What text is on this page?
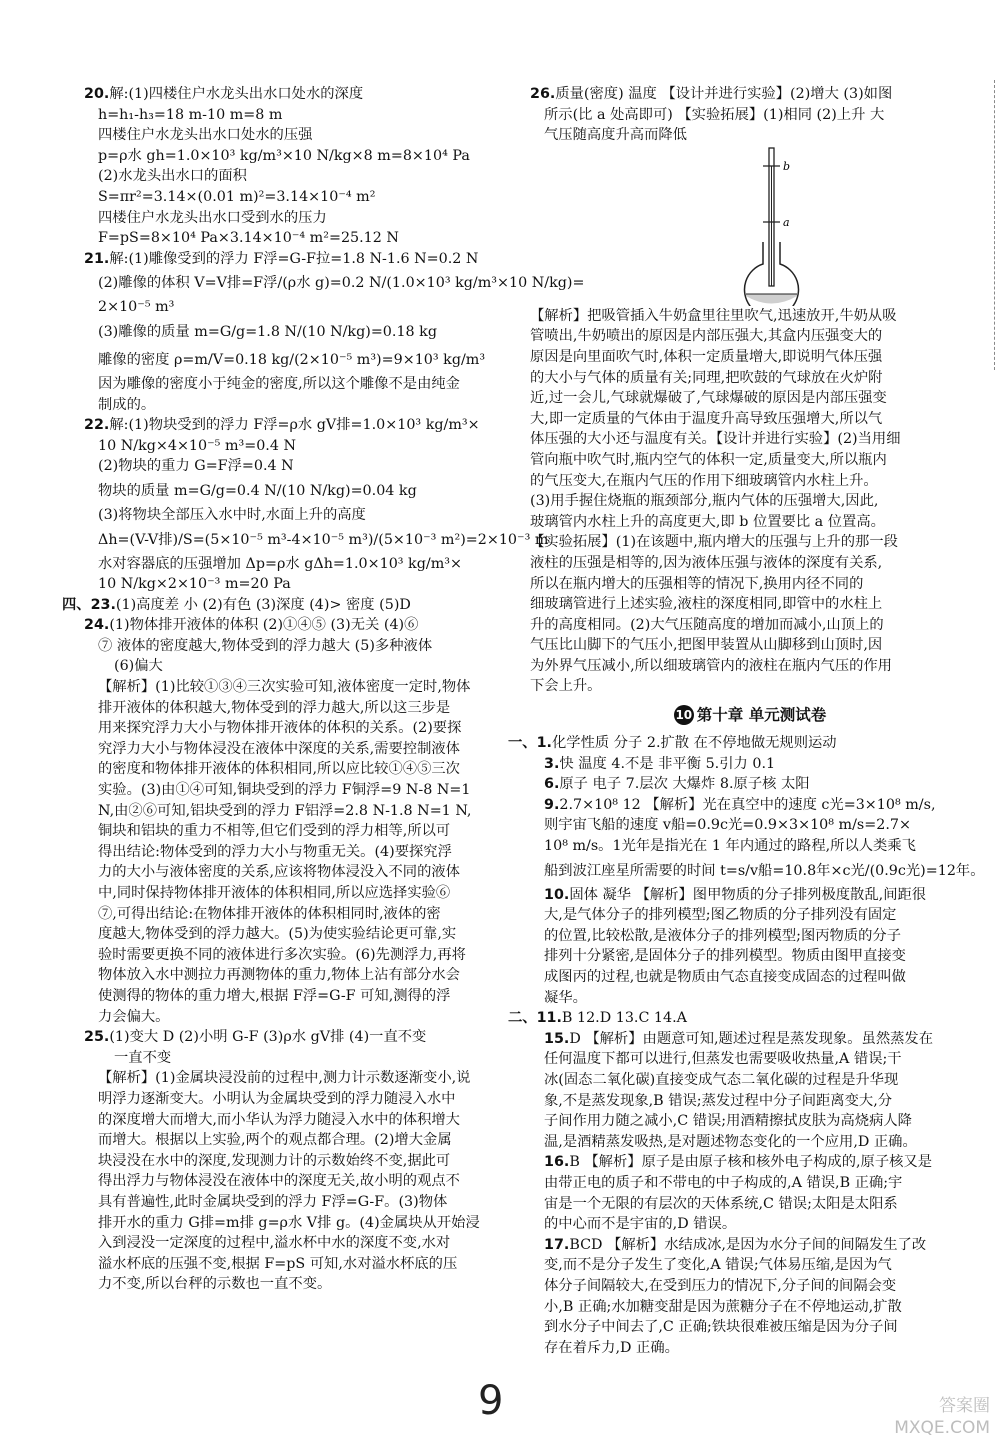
20.解:(1)四楼住户水龙头出水口处水的深度

h=h₁-h₃=18 m-10 m=8 m

四楼住户水龙头出水口处水的压强

p=ρ水 gh=1.0×10³ kg/m³×10 N/kg×8 m=8×10⁴ Pa

(2)水龙头出水口的面积

S=πr²=3.14×(0.01 m)²=3.14×10⁻⁴ m²

四楼住户水龙头出水口受到水的压力

F=pS=8×10⁴ Pa×3.14×10⁻⁴ m²=25.12 N

21.解:(1)雕像受到的浮力 F浮=G-F拉=1.8 N-1.6 N=0.2 N

(2)雕像的体积 V=V排=F浮/(ρ水 g)=0.2 N/(1.0×10³ kg/m³×10 N/kg)=

2×10⁻⁵ m³

(3)雕像的质量 m=G/g=1.8 N/(10 N/kg)=0.18 kg

雕像的密度 ρ=m/V=0.18 kg/(2×10⁻⁵ m³)=9×10³ kg/m³

因为雕像的密度小于纯金的密度,所以这个雕像不是由纯金

制成的。

22.解:(1)物块受到的浮力 F浮=ρ水 gV排=1.0×10³ kg/m³×

10 N/kg×4×10⁻⁵ m³=0.4 N

(2)物块的重力 G=F浮=0.4 N

物块的质量 m=G/g=0.4 N/(10 N/kg)=0.04 kg

(3)将物块全部压入水中时,水面上升的高度

Δh=(V-V排)/S=(5×10⁻⁵ m³-4×10⁻⁵ m³)/(5×10⁻³ m²)=2×10⁻³ m

水对容器底的压强增加 Δp=ρ水 gΔh=1.0×10³ kg/m³×

10 N/kg×2×10⁻³ m=20 Pa

四、23.(1)高度差 小 (2)有色 (3)深度 (4)> 密度 (5)D

24.(1)物体排开液体的体积 (2)①④⑤ (3)无关 (4)⑥

⑦ 液体的密度越大,物体受到的浮力越大 (5)多种液体

(6)偏大

【解析】(1)比较①③④三次实验可知,液体密度一定时,物体

排开液体的体积越大,物体受到的浮力越大,所以这三步是

用来探究浮力大小与物体排开液体的体积的关系。(2)要探

究浮力大小与物体浸没在液体中深度的关系,需要控制液体

的密度和物体排开液体的体积相同,所以应比较①④⑤三次

实验。(3)由①④可知,铜块受到的浮力 F铜浮=9 N-8 N=1

N,由②⑥可知,铝块受到的浮力 F铝浮=2.8 N-1.8 N=1 N,

铜块和铝块的重力不相等,但它们受到的浮力相等,所以可

得出结论:物体受到的浮力大小与物重无关。(4)要探究浮

力的大小与液体密度的关系,应该将物体浸没入不同的液体

中,同时保持物体排开液体的体积相同,所以应选择实验⑥

⑦,可得出结论:在物体排开液体的体积相同时,液体的密

度越大,物体受到的浮力越大。(5)为使实验结论更可靠,实

验时需要更换不同的液体进行多次实验。(6)先测浮力,再将

物体放入水中测拉力再测物体的重力,物体上沾有部分水会

使测得的物体的重力增大,根据 F浮=G-F 可知,测得的浮

力会偏大。

25.(1)变大 D (2)小明 G-F (3)ρ水 gV排 (4)一直不变

一直不变

【解析】(1)金属块浸没前的过程中,测力计示数逐渐变小,说

明浮力逐渐变大。小明认为金属块受到的浮力随浸入水中

的深度增大而增大,而小华认为浮力随浸入水中的体积增大

而增大。根据以上实验,两个的观点都合理。(2)增大金属

块浸没在水中的深度,发现测力计的示数始终不变,据此可

得出浮力与物体浸没在液体中的深度无关,故小明的观点不

具有普遍性,此时金属块受到的浮力 F浮=G-F。(3)物体

排开水的重力 G排=m排 g=ρ水 V排 g。(4)金属块从开始浸

入到浸没一定深度的过程中,溢水杯中水的深度不变,水对

溢水杯底的压强不变,根据 F=pS 可知,水对溢水杯底的压

力不变,所以台秤的示数也一直不变。

26.质量(密度) 温度 【设计并进行实验】(2)增大 (3)如图

所示(比 a 处高即可) 【实验拓展】(1)相同 (2)上升 大

气压随高度升高而降低

b
a

【解析】把吸管插入牛奶盒里往里吹气,迅速放开,牛奶从吸

管喷出,牛奶喷出的原因是内部压强大,其盒内压强变大的

原因是向里面吹气时,体积一定质量增大,即说明气体压强

的大小与气体的质量有关;同理,把吹鼓的气球放在火炉附

近,过一会儿,气球就爆破了,气球爆破的原因是内部压强变

大,即一定质量的气体由于温度升高导致压强增大,所以气

体压强的大小还与温度有关。【设计并进行实验】(2)当用细

管向瓶中吹气时,瓶内空气的体积一定,质量变大,所以瓶内

的气压变大,在瓶内气压的作用下细玻璃管内水柱上升。

(3)用手握住烧瓶的瓶颈部分,瓶内气体的压强增大,因此,

玻璃管内水柱上升的高度更大,即 b 位置要比 a 位置高。

【实验拓展】(1)在该题中,瓶内增大的压强与上升的那一段

液柱的压强是相等的,因为液体压强与液体的深度有关系,

所以在瓶内增大的压强相等的情况下,换用内径不同的

细玻璃管进行上述实验,液柱的深度相同,即管中的水柱上

升的高度相同。(2)大气压随高度的增加而减小,山顶上的

气压比山脚下的气压小,把图甲装置从山脚移到山顶时,因

为外界气压减小,所以细玻璃管内的液柱在瓶内气压的作用

下会上升。

10 第十章 单元测试卷

一、1.化学性质 分子 2.扩散 在不停地做无规则运动

3.快 温度 4.不是 非平衡 5.引力 0.1

6.原子 电子 7.层次 大爆炸 8.原子核 太阳

9.2.7×10⁸ 12 【解析】光在真空中的速度 c光=3×10⁸ m/s,

则宇宙飞船的速度 v船=0.9c光=0.9×3×10⁸ m/s=2.7×

10⁸ m/s。1光年是指光在 1 年内通过的路程,所以人类乘飞

船到波江座星所需要的时间 t=s/v船=10.8年×c光/(0.9c光)=12年。

10.固体 凝华 【解析】图甲物质的分子排列极度散乱,间距很

大,是气体分子的排列模型;图乙物质的分子排列没有固定

的位置,比较松散,是液体分子的排列模型;图丙物质的分子

排列十分紧密,是固体分子的排列模型。物质由图甲直接变

成图丙的过程,也就是物质由气态直接变成固态的过程叫做

凝华。

二、11.B 12.D 13.C 14.A

15.D 【解析】由题意可知,题述过程是蒸发现象。虽然蒸发在

任何温度下都可以进行,但蒸发也需要吸收热量,A 错误;干

冰(固态二氧化碳)直接变成气态二氧化碳的过程是升华现

象,不是蒸发现象,B 错误;蒸发过程中分子间距离变大,分

子间作用力随之减小,C 错误;用酒精擦拭皮肤为高烧病人降

温,是酒精蒸发吸热,是对题述物态变化的一个应用,D 正确。

16.B 【解析】原子是由原子核和核外电子构成的,原子核又是

由带正电的质子和不带电的中子构成的,A 错误,B 正确;宇

宙是一个无限的有层次的天体系统,C 错误;太阳是太阳系

的中心而不是宇宙的,D 错误。

17.BCD 【解析】水结成冰,是因为水分子间的间隔发生了改

变,而不是分子发生了变化,A 错误;气体易压缩,是因为气

体分子间隔较大,在受到压力的情况下,分子间的间隔会变

小,B 正确;水加糖变甜是因为蔗糖分子在不停地运动,扩散

到水分子中间去了,C 正确;铁块很难被压缩是因为分子间

存在着斥力,D 正确。

9	答案圈
MXQE.COM
